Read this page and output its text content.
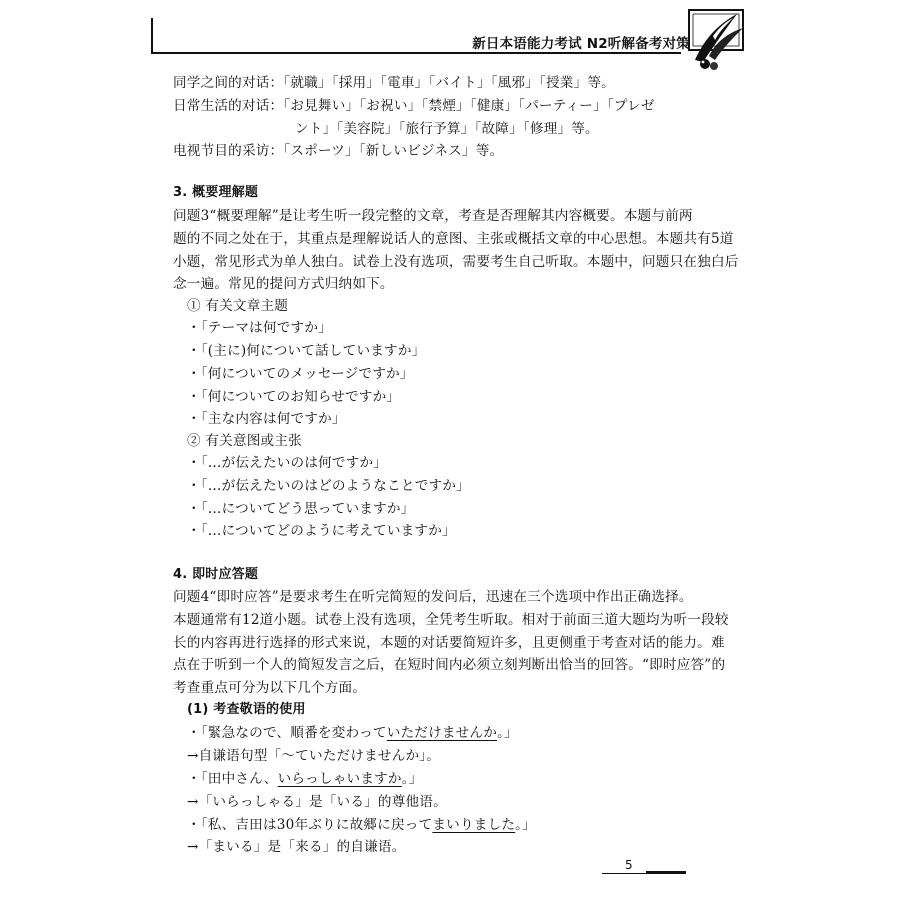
新日本语能力考试 N2听解备考对策
同学之间的对话：「就職」「採用」「電車」「バイト」「風邪」「授業」等。
日常生活的对话：「お見舞い」「お祝い」「禁煙」「健康」「パーティー」「プレゼ
ント」「美容院」「旅行予算」「故障」「修理」等。
电视节目的采访：「スポーツ」「新しいビジネス」等。
3. 概要理解题
问题3“概要理解”是让考生听一段完整的文章，考查是否理解其内容概要。本题与前两
题的不同之处在于，其重点是理解说话人的意图、主张或概括文章的中心思想。本题共有5道
小题，常见形式为单人独白。试卷上没有选项，需要考生自己听取。本题中，问题只在独白后
念一遍。常见的提问方式归纳如下。
① 有关文章主题
・「テーマは何ですか」
・「(主に)何について話していますか」
・「何についてのメッセージですか」
・「何についてのお知らせですか」
・「主な内容は何ですか」
② 有关意图或主张
・「…が伝えたいのは何ですか」
・「…が伝えたいのはどのようなことですか」
・「…についてどう思っていますか」
・「…についてどのように考えていますか」
4. 即时应答题
问题4“即时应答”是要求考生在听完简短的发问后，迅速在三个选项中作出正确选择。
本题通常有12道小题。试卷上没有选项，全凭考生听取。相对于前面三道大题均为听一段较
长的内容再进行选择的形式来说，本题的对话要简短许多，且更侧重于考查对话的能力。难
点在于听到一个人的简短发言之后，在短时间内必须立刻判断出恰当的回答。“即时应答”的
考查重点可分为以下几个方面。
(1) 考查敬语的使用
・「緊急なので、順番を変わっていただけませんか。」
→自谦语句型「～ていただけませんか」。
・「田中さん、いらっしゃいますか。」
→「いらっしゃる」是「いる」的尊他语。
・「私、吉田は30年ぶりに故郷に戻ってまいりました。」
→「まいる」是「来る」的自谦语。
5
